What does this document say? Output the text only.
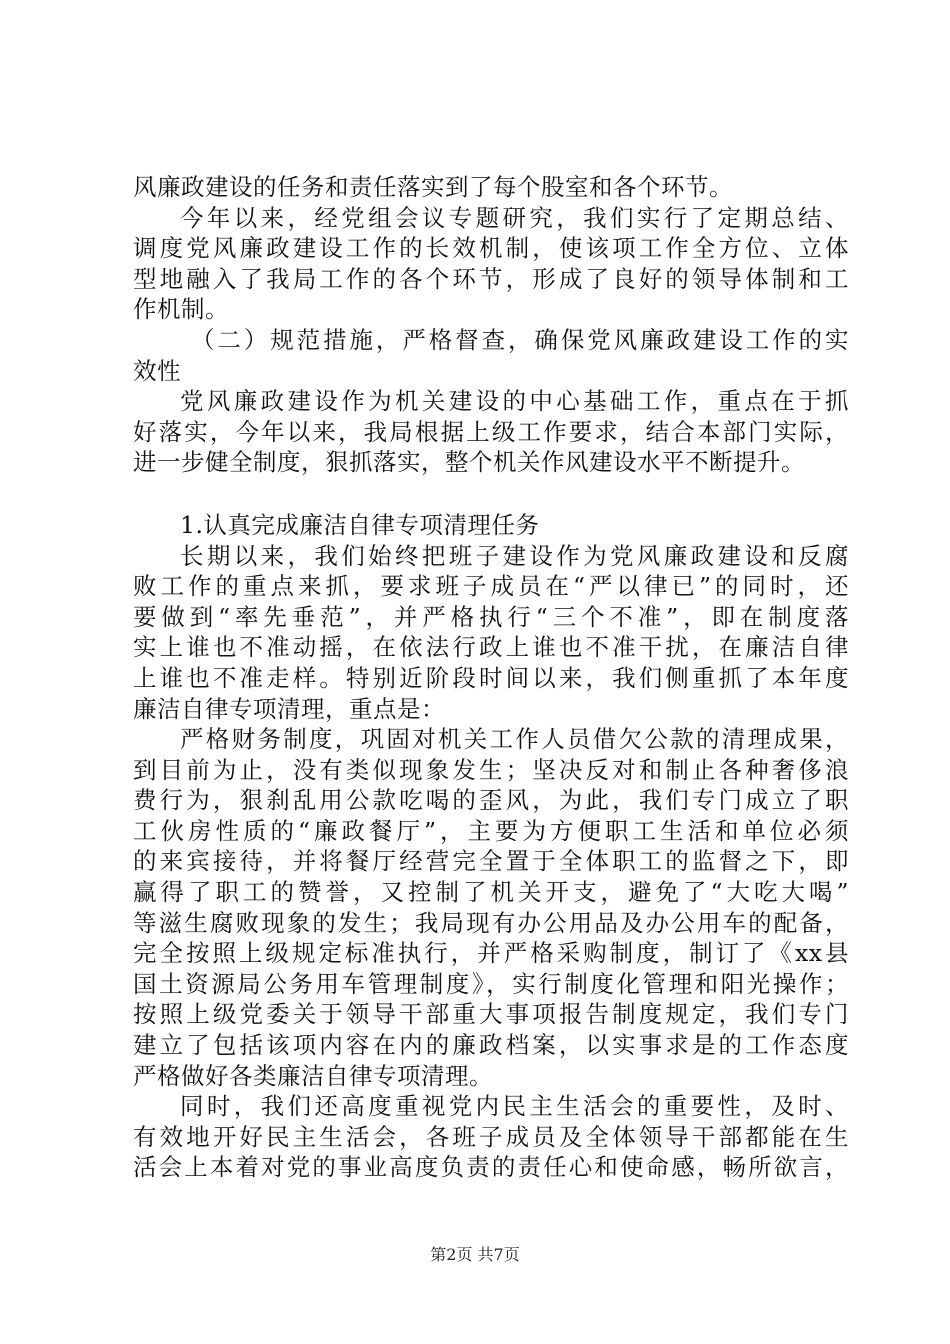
风廉政建设的任务和责任落实到了每个股室和各个环节。
今年以来，经党组会议专题研究，我们实行了定期总结、
调度党风廉政建设工作的长效机制，使该项工作全方位、立体
型地融入了我局工作的各个环节，形成了良好的领导体制和工
作机制。
（二）规范措施，严格督查，确保党风廉政建设工作的实
效性
党风廉政建设作为机关建设的中心基础工作，重点在于抓
好落实，今年以来，我局根据上级工作要求，结合本部门实际，
进一步健全制度，狠抓落实，整个机关作风建设水平不断提升。
1.认真完成廉洁自律专项清理任务
长期以来，我们始终把班子建设作为党风廉政建设和反腐
败工作的重点来抓，要求班子成员在“严以律已”的同时，还
要做到“率先垂范”，并严格执行“三个不准”，即在制度落
实上谁也不准动摇，在依法行政上谁也不准干扰，在廉洁自律
上谁也不准走样。特别近阶段时间以来，我们侧重抓了本年度
廉洁自律专项清理，重点是：
严格财务制度，巩固对机关工作人员借欠公款的清理成果，
到目前为止，没有类似现象发生；坚决反对和制止各种奢侈浪
费行为，狠刹乱用公款吃喝的歪风，为此，我们专门成立了职
工伙房性质的“廉政餐厅”，主要为方便职工生活和单位必须
的来宾接待，并将餐厅经营完全置于全体职工的监督之下，即
赢得了职工的赞誉，又控制了机关开支，避免了“大吃大喝”
等滋生腐败现象的发生；我局现有办公用品及办公用车的配备，
完全按照上级规定标准执行，并严格采购制度，制订了《xx县
国土资源局公务用车管理制度》，实行制度化管理和阳光操作；
按照上级党委关于领导干部重大事项报告制度规定，我们专门
建立了包括该项内容在内的廉政档案，以实事求是的工作态度
严格做好各类廉洁自律专项清理。
同时，我们还高度重视党内民主生活会的重要性，及时、
有效地开好民主生活会，各班子成员及全体领导干部都能在生
活会上本着对党的事业高度负责的责任心和使命感，畅所欲言，
第2页 共7页
